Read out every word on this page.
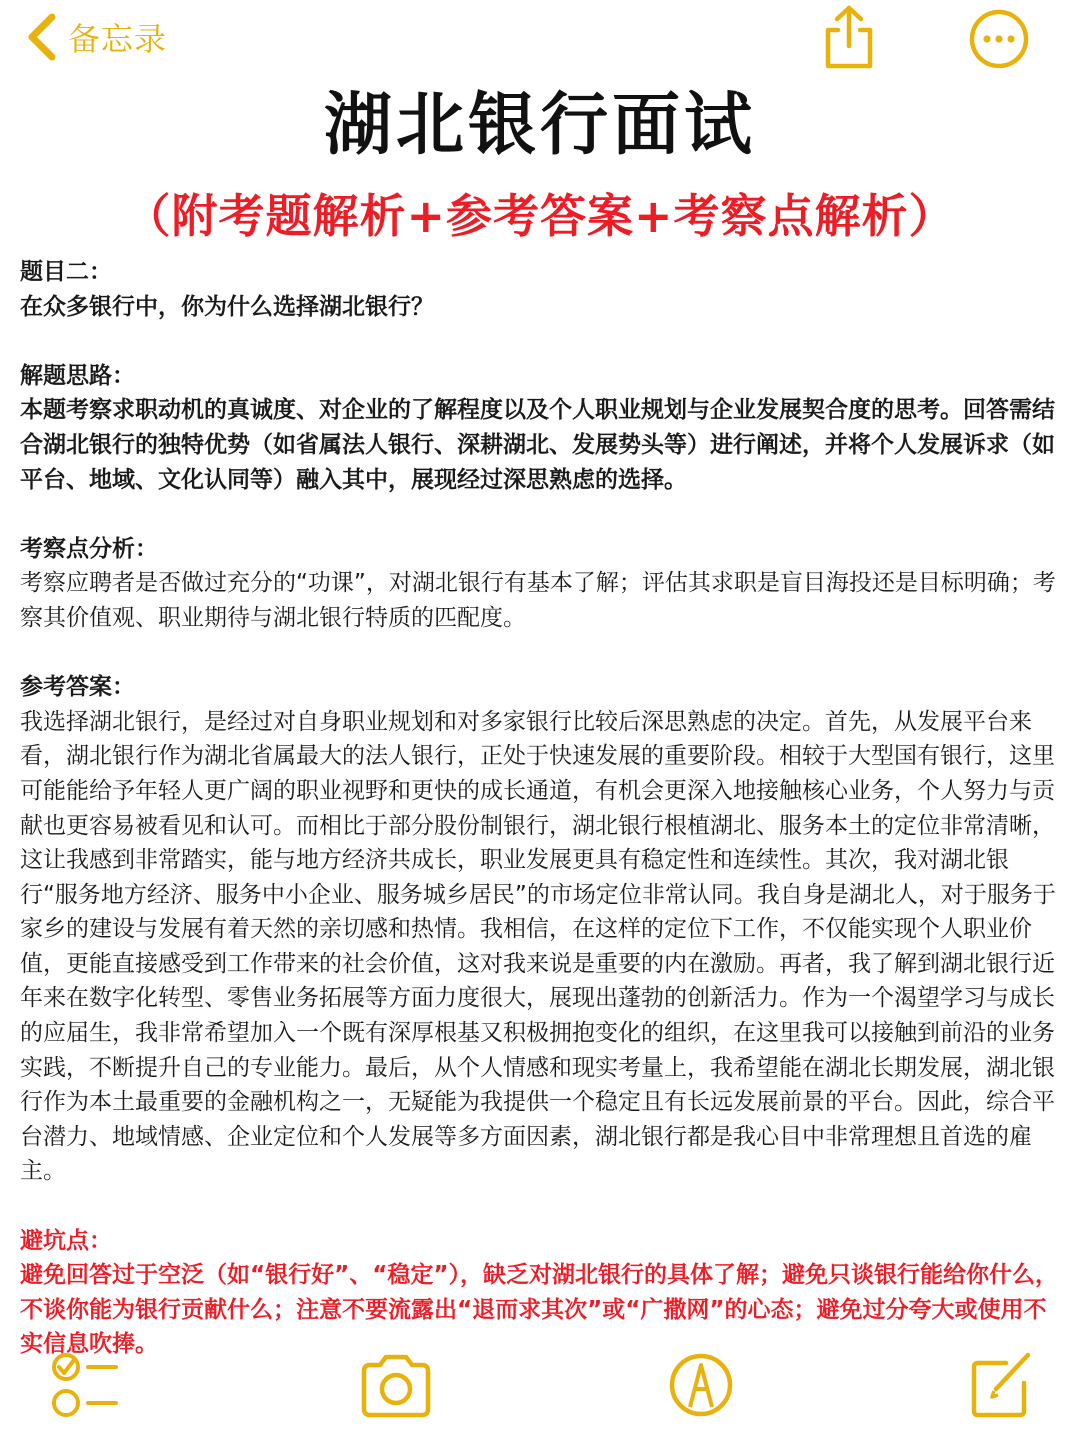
备忘录
湖北银行面试
（附考题解析+参考答案+考察点解析）

题目二：

在众多银行中，你为什么选择湖北银行？

解题思路：

本题考察求职动机的真诚度、对企业的了解程度以及个人职业规划与企业发展契合度的思考。回答需结合湖北银行的独特优势（如省属法人银行、深耕湖北、发展势头等）进行阐述，并将个人发展诉求（如平台、地域、文化认同等）融入其中，展现经过深思熟虑的选择。

考察点分析：

考察应聘者是否做过充分的“功课”，对湖北银行有基本了解；评估其求职是盲目海投还是目标明确；考察其价值观、职业期待与湖北银行特质的匹配度。

参考答案：

我选择湖北银行，是经过对自身职业规划和对多家银行比较后深思熟虑的决定。首先，从发展平台来看，湖北银行作为湖北省属最大的法人银行，正处于快速发展的重要阶段。相较于大型国有银行，这里可能能给予年轻人更广阔的职业视野和更快的成长通道，有机会更深入地接触核心业务，个人努力与贡献也更容易被看见和认可。而相比于部分股份制银行，湖北银行根植湖北、服务本土的定位非常清晰，这让我感到非常踏实，能与地方经济共成长，职业发展更具有稳定性和连续性。其次，我对湖北银行“服务地方经济、服务中小企业、服务城乡居民”的市场定位非常认同。我自身是湖北人，对于服务于家乡的建设与发展有着天然的亲切感和热情。我相信，在这样的定位下工作，不仅能实现个人职业价值，更能直接感受到工作带来的社会价值，这对我来说是重要的内在激励。再者，我了解到湖北银行近年来在数字化转型、零售业务拓展等方面力度很大，展现出蓬勃的创新活力。作为一个渴望学习与成长的应届生，我非常希望加入一个既有深厚根基又积极拥抱变化的组织，在这里我可以接触到前沿的业务实践，不断提升自己的专业能力。最后，从个人情感和现实考量上，我希望能在湖北长期发展，湖北银行作为本土最重要的金融机构之一，无疑能为我提供一个稳定且有长远发展前景的平台。因此，综合平台潜力、地域情感、企业定位和个人发展等多方面因素，湖北银行都是我心目中非常理想且首选的雇主。

避坑点：

避免回答过于空泛（如“银行好”、“稳定”），缺乏对湖北银行的具体了解；避免只谈银行能给你什么，不谈你能为银行贡献什么；注意不要流露出“退而求其次”或“广撒网”的心态；避免过分夸大或使用不实信息吹捧。
